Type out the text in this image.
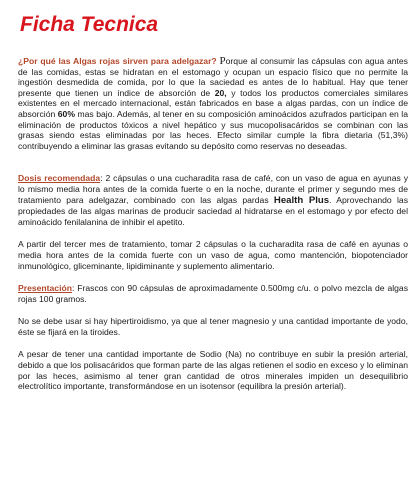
Ficha Tecnica

¿Por qué las Algas rojas sirven para adelgazar? Porque al consumir las cápsulas con agua antes de las comidas, estas se hidratan en el estomago y ocupan un espacio físico que no permite la ingestión desmedida de comida, por lo que la saciedad es antes de lo habitual. Hay que tener presente que tienen un índice de absorción de 20, y todos los productos comerciales similares existentes en el mercado internacional, están fabricados en base a algas pardas, con un índice de absorción 60% mas bajo. Además, al tener en su composición aminoácidos azufrados participan en la eliminación de productos tóxicos a nivel hepático y sus mucopolisacáridos se combinan con las grasas siendo estas eliminadas por las heces. Efecto similar cumple la fibra dietaria (51,3%) contribuyendo a eliminar las grasas evitando su depósito como reservas no deseadas.

Dosis recomendada: 2 cápsulas o una cucharadita rasa de café, con un vaso de agua en ayunas y lo mismo media hora antes de la comida fuerte o en la noche, durante el primer y segundo mes de tratamiento para adelgazar, combinado con las algas pardas Health Plus. Aprovechando las propiedades de las algas marinas de producir saciedad al hidratarse en el estomago y por efecto del aminoácido fenilalanina de inhibir el apetito.

A partir del tercer mes de tratamiento, tomar 2 cápsulas o la cucharadita rasa de café en ayunas o media hora antes de la comida fuerte con un vaso de agua, como mantención, biopotenciador inmunológico, gliceminante, lipidiminante y suplemento alimentario.

Presentación: Frascos con 90 cápsulas de aproximadamente 0.500mg c/u. o polvo mezcla de algas rojas 100 gramos.

No se debe usar si hay hipertiroidismo, ya que al tener magnesio y una cantidad importante de yodo, éste se fijará en la tiroides.

A pesar de tener una cantidad importante de Sodio (Na) no contribuye en subir la presión arterial, debido a que los polisacáridos que forman parte de las algas retienen el sodio en exceso y lo eliminan por las heces, asimismo al tener gran cantidad de otros minerales impiden un desequilibrio electrolítico importante, transformándose en un isotensor (equilibra la presión arterial).
